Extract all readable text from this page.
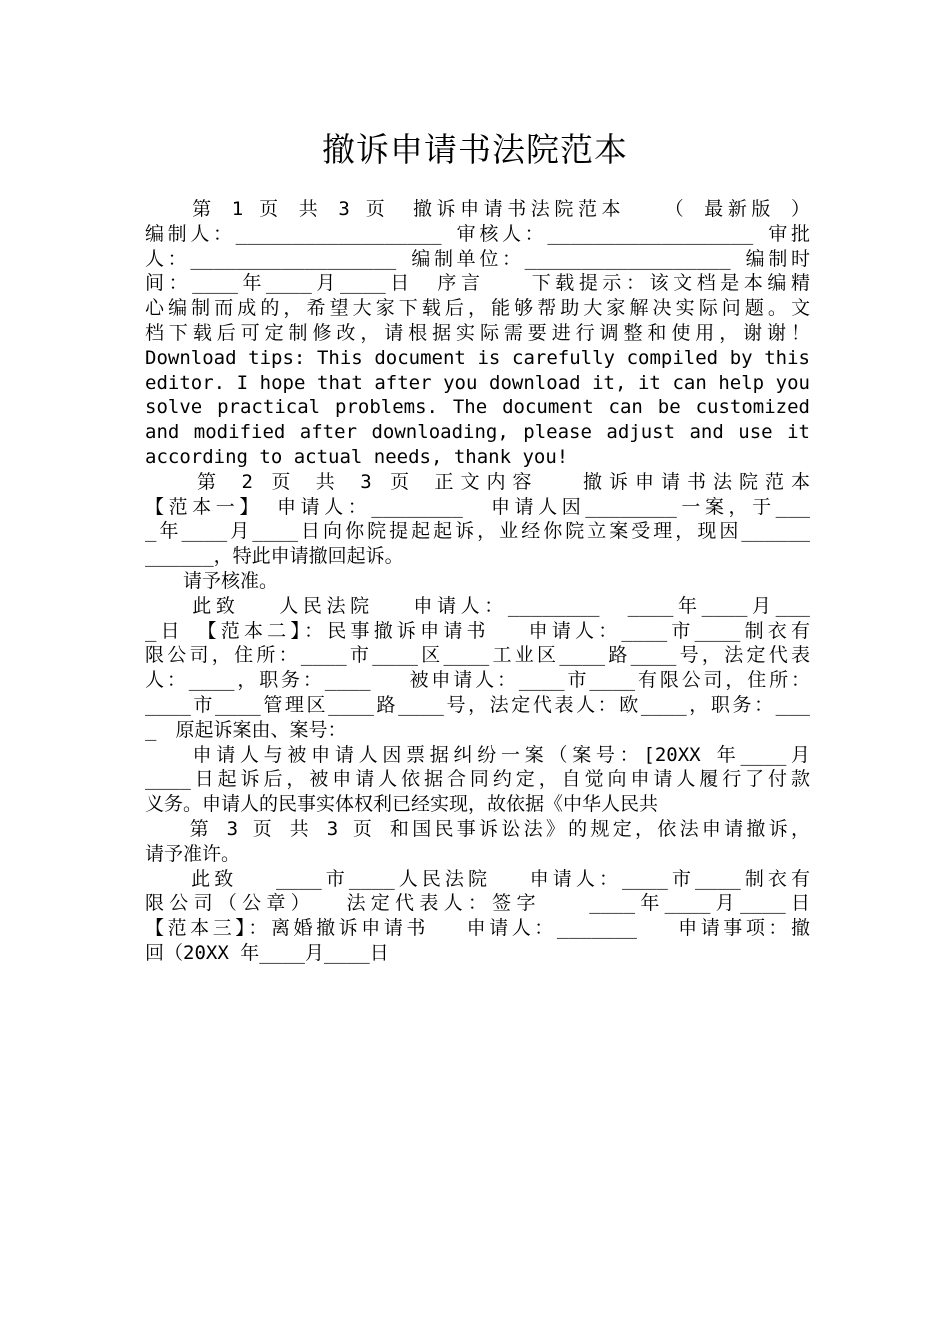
撤诉申请书法院范本
　　第 1 页 共 3 页　撤诉申请书法院范本　 （ 最新版 ）
编制人：__________________ 审核人：__________________ 审批
人：__________________ 编制单位：__________________ 编制时
间：____年____月____日　序言　　下载提示：该文档是本编精
心编制而成的，希望大家下载后，能够帮助大家解决实际问题。文
档下载后可定制修改，请根据实际需要进行调整和使用，谢谢！
Download tips: This document is carefully compiled by this
editor. I hope that after you download it, it can help you
solve practical problems. The document can be customized
and modified after downloading, please adjust and use it
according to actual needs, thank you!
　　第 2 页 共 3 页 正文内容　 撤诉申请书法院范本
【范本一】　申请人：________　申请人因________一案，于___
_年____月____日向你院提起起诉，业经你院立案受理，现因______
______，特此申请撤回起诉。
　　请予核准。
　　此致　 人民法院　 申请人：________　____年____月___
_日　【范本二】：民事撤诉申请书　 申请人：____市____制衣有
限公司，住所：____市____区____工业区____路____号，法定代表
人：____，职务：____　 被申请人：____市____有限公司，住所：
____市____管理区____路____号，法定代表人：欧____，职务：___
_　原起诉案由、案号：
　　申请人与被申请人因票据纠纷一案（案号：[20XX 年____月
____日起诉后，被申请人依据合同约定，自觉向申请人履行了付款
义务。申请人的民事实体权利已经实现，故依据《中华人民共
　　第 3 页 共 3 页 和国民事诉讼法》的规定，依法申请撤诉，
请予准许。
　　此致　 ____市____人民法院　 申请人：____市____制衣有
限公司（公章）　 法定代表人：签字　　____年____月____日
【范本三】：离婚撤诉申请书　 申请人：_______　 申请事项：撤
回（20XX 年____月____日
